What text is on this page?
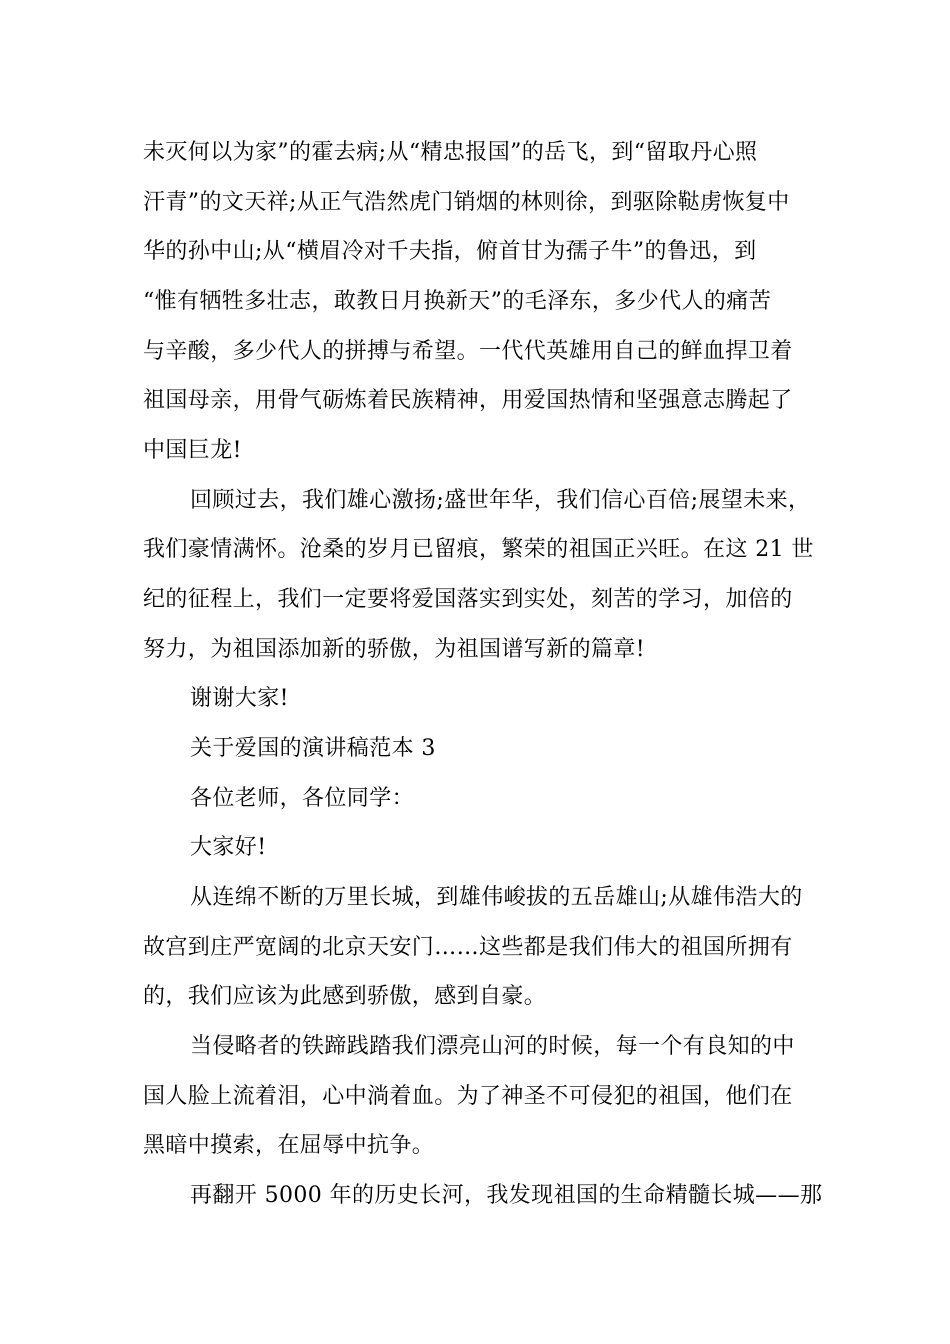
未灭何以为家”的霍去病;从“精忠报国”的岳飞，到“留取丹心照
汗青”的文天祥;从正气浩然虎门销烟的林则徐，到驱除鞑虏恢复中
华的孙中山;从“横眉冷对千夫指，俯首甘为孺子牛”的鲁迅，到
“惟有牺牲多壮志，敢教日月换新天”的毛泽东，多少代人的痛苦
与辛酸，多少代人的拼搏与希望。一代代英雄用自己的鲜血捍卫着
祖国母亲，用骨气砺炼着民族精神，用爱国热情和坚强意志腾起了
中国巨龙!
回顾过去，我们雄心激扬;盛世年华，我们信心百倍;展望未来，
我们豪情满怀。沧桑的岁月已留痕，繁荣的祖国正兴旺。在这 21 世
纪的征程上，我们一定要将爱国落实到实处，刻苦的学习，加倍的
努力，为祖国添加新的骄傲，为祖国谱写新的篇章!
谢谢大家!
关于爱国的演讲稿范本 3
各位老师，各位同学：
大家好!
从连绵不断的万里长城，到雄伟峻拔的五岳雄山;从雄伟浩大的
故宫到庄严宽阔的北京天安门……这些都是我们伟大的祖国所拥有
的，我们应该为此感到骄傲，感到自豪。
当侵略者的铁蹄践踏我们漂亮山河的时候，每一个有良知的中
国人脸上流着泪，心中淌着血。为了神圣不可侵犯的祖国，他们在
黑暗中摸索，在屈辱中抗争。
再翻开 5000 年的历史长河，我发现祖国的生命精髓长城——那
